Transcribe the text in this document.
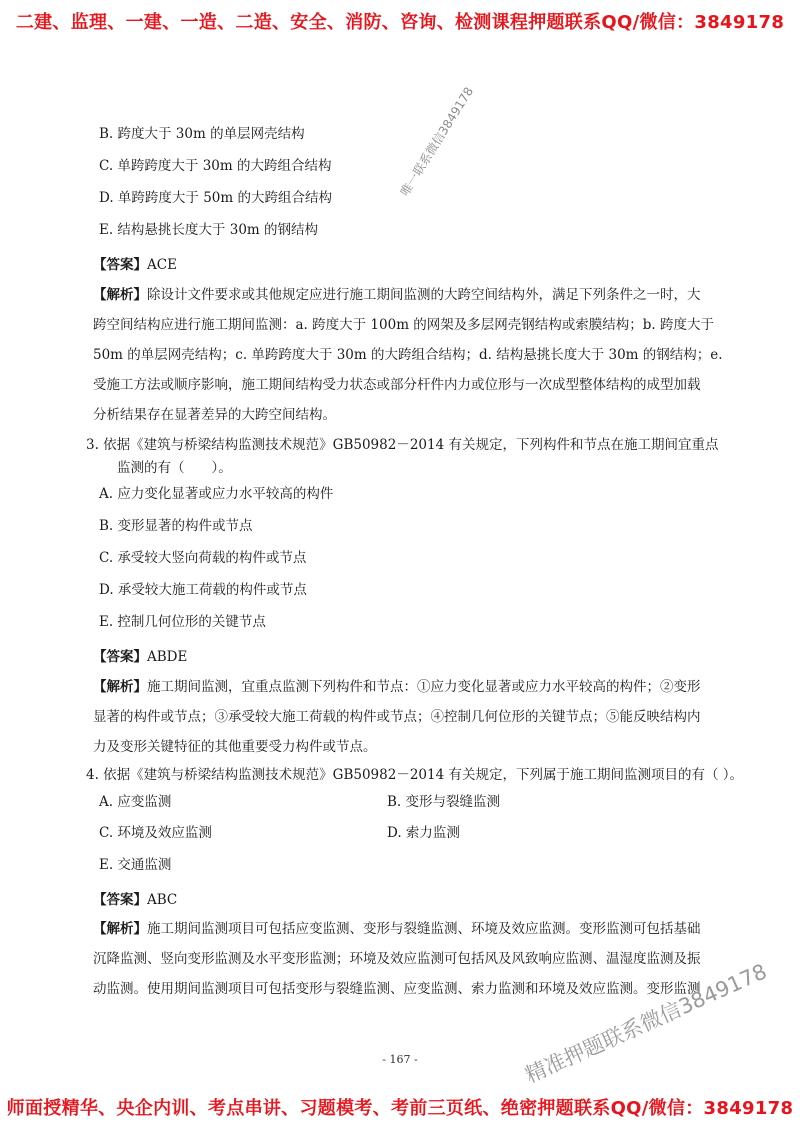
二建、监理、一建、一造、二造、安全、消防、咨询、检测课程押题联系QQ/微信：3849178
唯一联系微信3849178
B. 跨度大于 30m 的单层网壳结构
C. 单跨跨度大于 30m 的大跨组合结构
D. 单跨跨度大于 50m 的大跨组合结构
E. 结构悬挑长度大于 30m 的钢结构
【答案】ACE
【解析】除设计文件要求或其他规定应进行施工期间监测的大跨空间结构外，满足下列条件之一时，大
跨空间结构应进行施工期间监测：a. 跨度大于 100m 的网架及多层网壳钢结构或索膜结构；b. 跨度大于
50m 的单层网壳结构；c. 单跨跨度大于 30m 的大跨组合结构；d. 结构悬挑长度大于 30m 的钢结构；e.
受施工方法或顺序影响，施工期间结构受力状态或部分杆件内力或位形与一次成型整体结构的成型加载
分析结果存在显著差异的大跨空间结构。
3. 依据《建筑与桥梁结构监测技术规范》GB50982－2014 有关规定，下列构件和节点在施工期间宜重点
监测的有（　　）。
A. 应力变化显著或应力水平较高的构件
B. 变形显著的构件或节点
C. 承受较大竖向荷载的构件或节点
D. 承受较大施工荷载的构件或节点
E. 控制几何位形的关键节点
【答案】ABDE
【解析】施工期间监测，宜重点监测下列构件和节点：①应力变化显著或应力水平较高的构件；②变形
显著的构件或节点；③承受较大施工荷载的构件或节点；④控制几何位形的关键节点；⑤能反映结构内
力及变形关键特征的其他重要受力构件或节点。
4. 依据《建筑与桥梁结构监测技术规范》GB50982－2014 有关规定，下列属于施工期间监测项目的有（ ）。
A. 应变监测	B. 变形与裂缝监测
C. 环境及效应监测	D. 索力监测
E. 交通监测
【答案】ABC
【解析】施工期间监测项目可包括应变监测、变形与裂缝监测、环境及效应监测。变形监测可包括基础
沉降监测、竖向变形监测及水平变形监测；环境及效应监测可包括风及风致响应监测、温湿度监测及振
动监测。使用期间监测项目可包括变形与裂缝监测、应变监测、索力监测和环境及效应监测。变形监测
精准押题联系微信3849178
- 167 -
师面授精华、央企内训、考点串讲、习题模考、考前三页纸、绝密押题联系QQ/微信：3849178
